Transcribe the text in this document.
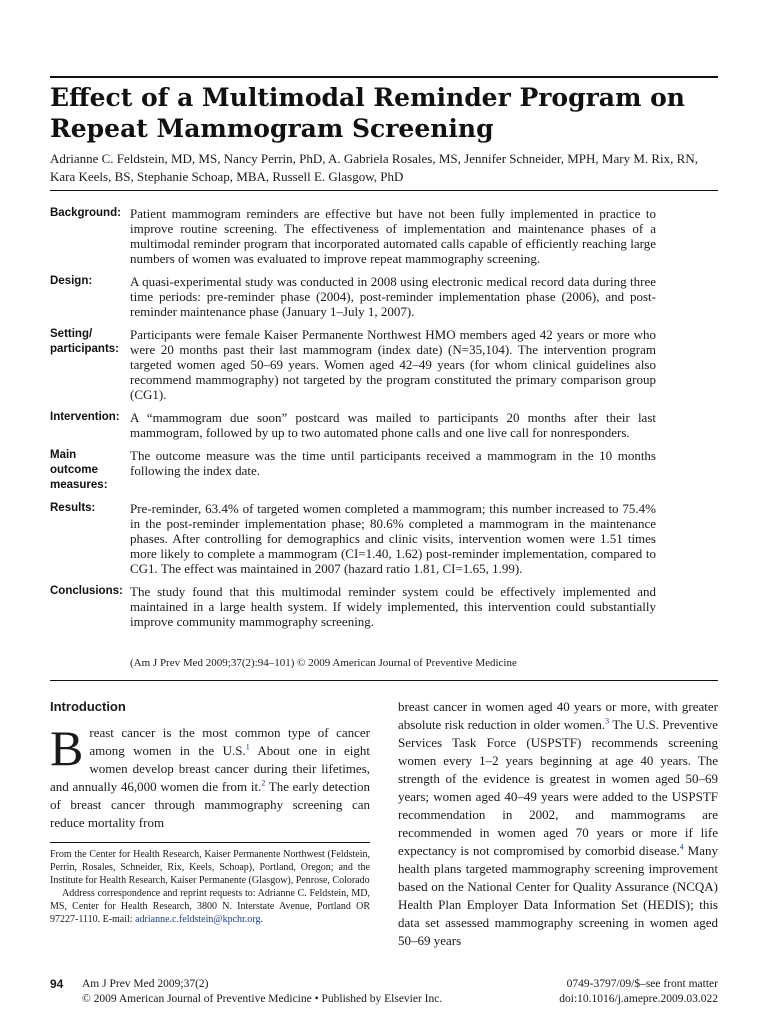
Effect of a Multimodal Reminder Program on Repeat Mammogram Screening

Adrianne C. Feldstein, MD, MS, Nancy Perrin, PhD, A. Gabriela Rosales, MS, Jennifer Schneider, MPH, Mary M. Rix, RN, Kara Keels, BS, Stephanie Schoap, MBA, Russell E. Glasgow, PhD

Background: Patient mammogram reminders are effective but have not been fully implemented in practice to improve routine screening. The effectiveness of implementation and maintenance phases of a multimodal reminder program that incorporated automated calls capable of efficiently reaching large numbers of women was evaluated to improve repeat mammography screening.
Design:	A quasi-experimental study was conducted in 2008 using electronic medical record data during three time periods: pre-reminder phase (2004), post-reminder implementation phase (2006), and post-reminder maintenance phase (January 1–July 1, 2007).
Setting/
participants:
Participants were female Kaiser Permanente Northwest HMO members aged 42 years or more who were 20 months past their last mammogram (index date) (N=35,104). The intervention program targeted women aged 50–69 years. Women aged 42–49 years (for whom clinical guidelines also recommend mammography) not targeted by the program constituted the primary comparison group (CG1).
Intervention: A “mammogram due soon” postcard was mailed to participants 20 months after their last mammogram, followed by up to two automated phone calls and one live call for nonresponders.
Main
outcome
measures:
The outcome measure was the time until participants received a mammogram in the 10 months following the index date.
Results:	Pre-reminder, 63.4% of targeted women completed a mammogram; this number increased to 75.4% in the post-reminder implementation phase; 80.6% completed a mammogram in the maintenance phases. After controlling for demographics and clinic visits, intervention women were 1.51 times more likely to complete a mammogram (CI=1.40, 1.62) post-reminder implementation, compared to CG1. The effect was maintained in 2007 (hazard ratio 1.81, CI=1.65, 1.99).
Conclusions: The study found that this multimodal reminder system could be effectively implemented and maintained in a large health system. If widely implemented, this intervention could substantially improve community mammography screening.
(Am J Prev Med 2009;37(2):94–101) © 2009 American Journal of Preventive Medicine
Introduction

Breast cancer is the most common type of cancer among women in the U.S.$^1$ About one in eight women develop breast cancer during their lifetimes, and annually 46,000 women die from it.$^2$ The early detection of breast cancer through mammography screening can reduce mortality from

From the Center for Health Research, Kaiser Permanente Northwest (Feldstein, Perrin, Rosales, Schneider, Rix, Keels, Schoap), Portland, Oregon; and the Institute for Health Research, Kaiser Permanente (Glasgow), Penrose, Colorado

Address correspondence and reprint requests to: Adrianne C. Feldstein, MD, MS, Center for Health Research, 3800 N. Interstate Avenue, Portland OR 97227-1110. E-mail: adrianne.c.feldstein@kpchr.org.

breast cancer in women aged 40 years or more, with greater absolute risk reduction in older women.$^3$ The U.S. Preventive Services Task Force (USPSTF) recommends screening women every 1–2 years beginning at age 40 years. The strength of the evidence is greatest in women aged 50–69 years; women aged 40–49 years were added to the USPSTF recommendation in 2002, and mammograms are recommended in women aged 70 years or more if life expectancy is not compromised by comorbid disease.$^4$ Many health plans targeted mammography screening improvement based on the National Center for Quality Assurance (NCQA) Health Plan Employer Data Information Set (HEDIS); this data set assessed mammography screening in women aged 50–69 years

94 Am J Prev Med 2009;37(2)
© 2009 American Journal of Preventive Medicine • Published by Elsevier Inc.
0749-3797/09/$–see front matter
doi:10.1016/j.amepre.2009.03.022
